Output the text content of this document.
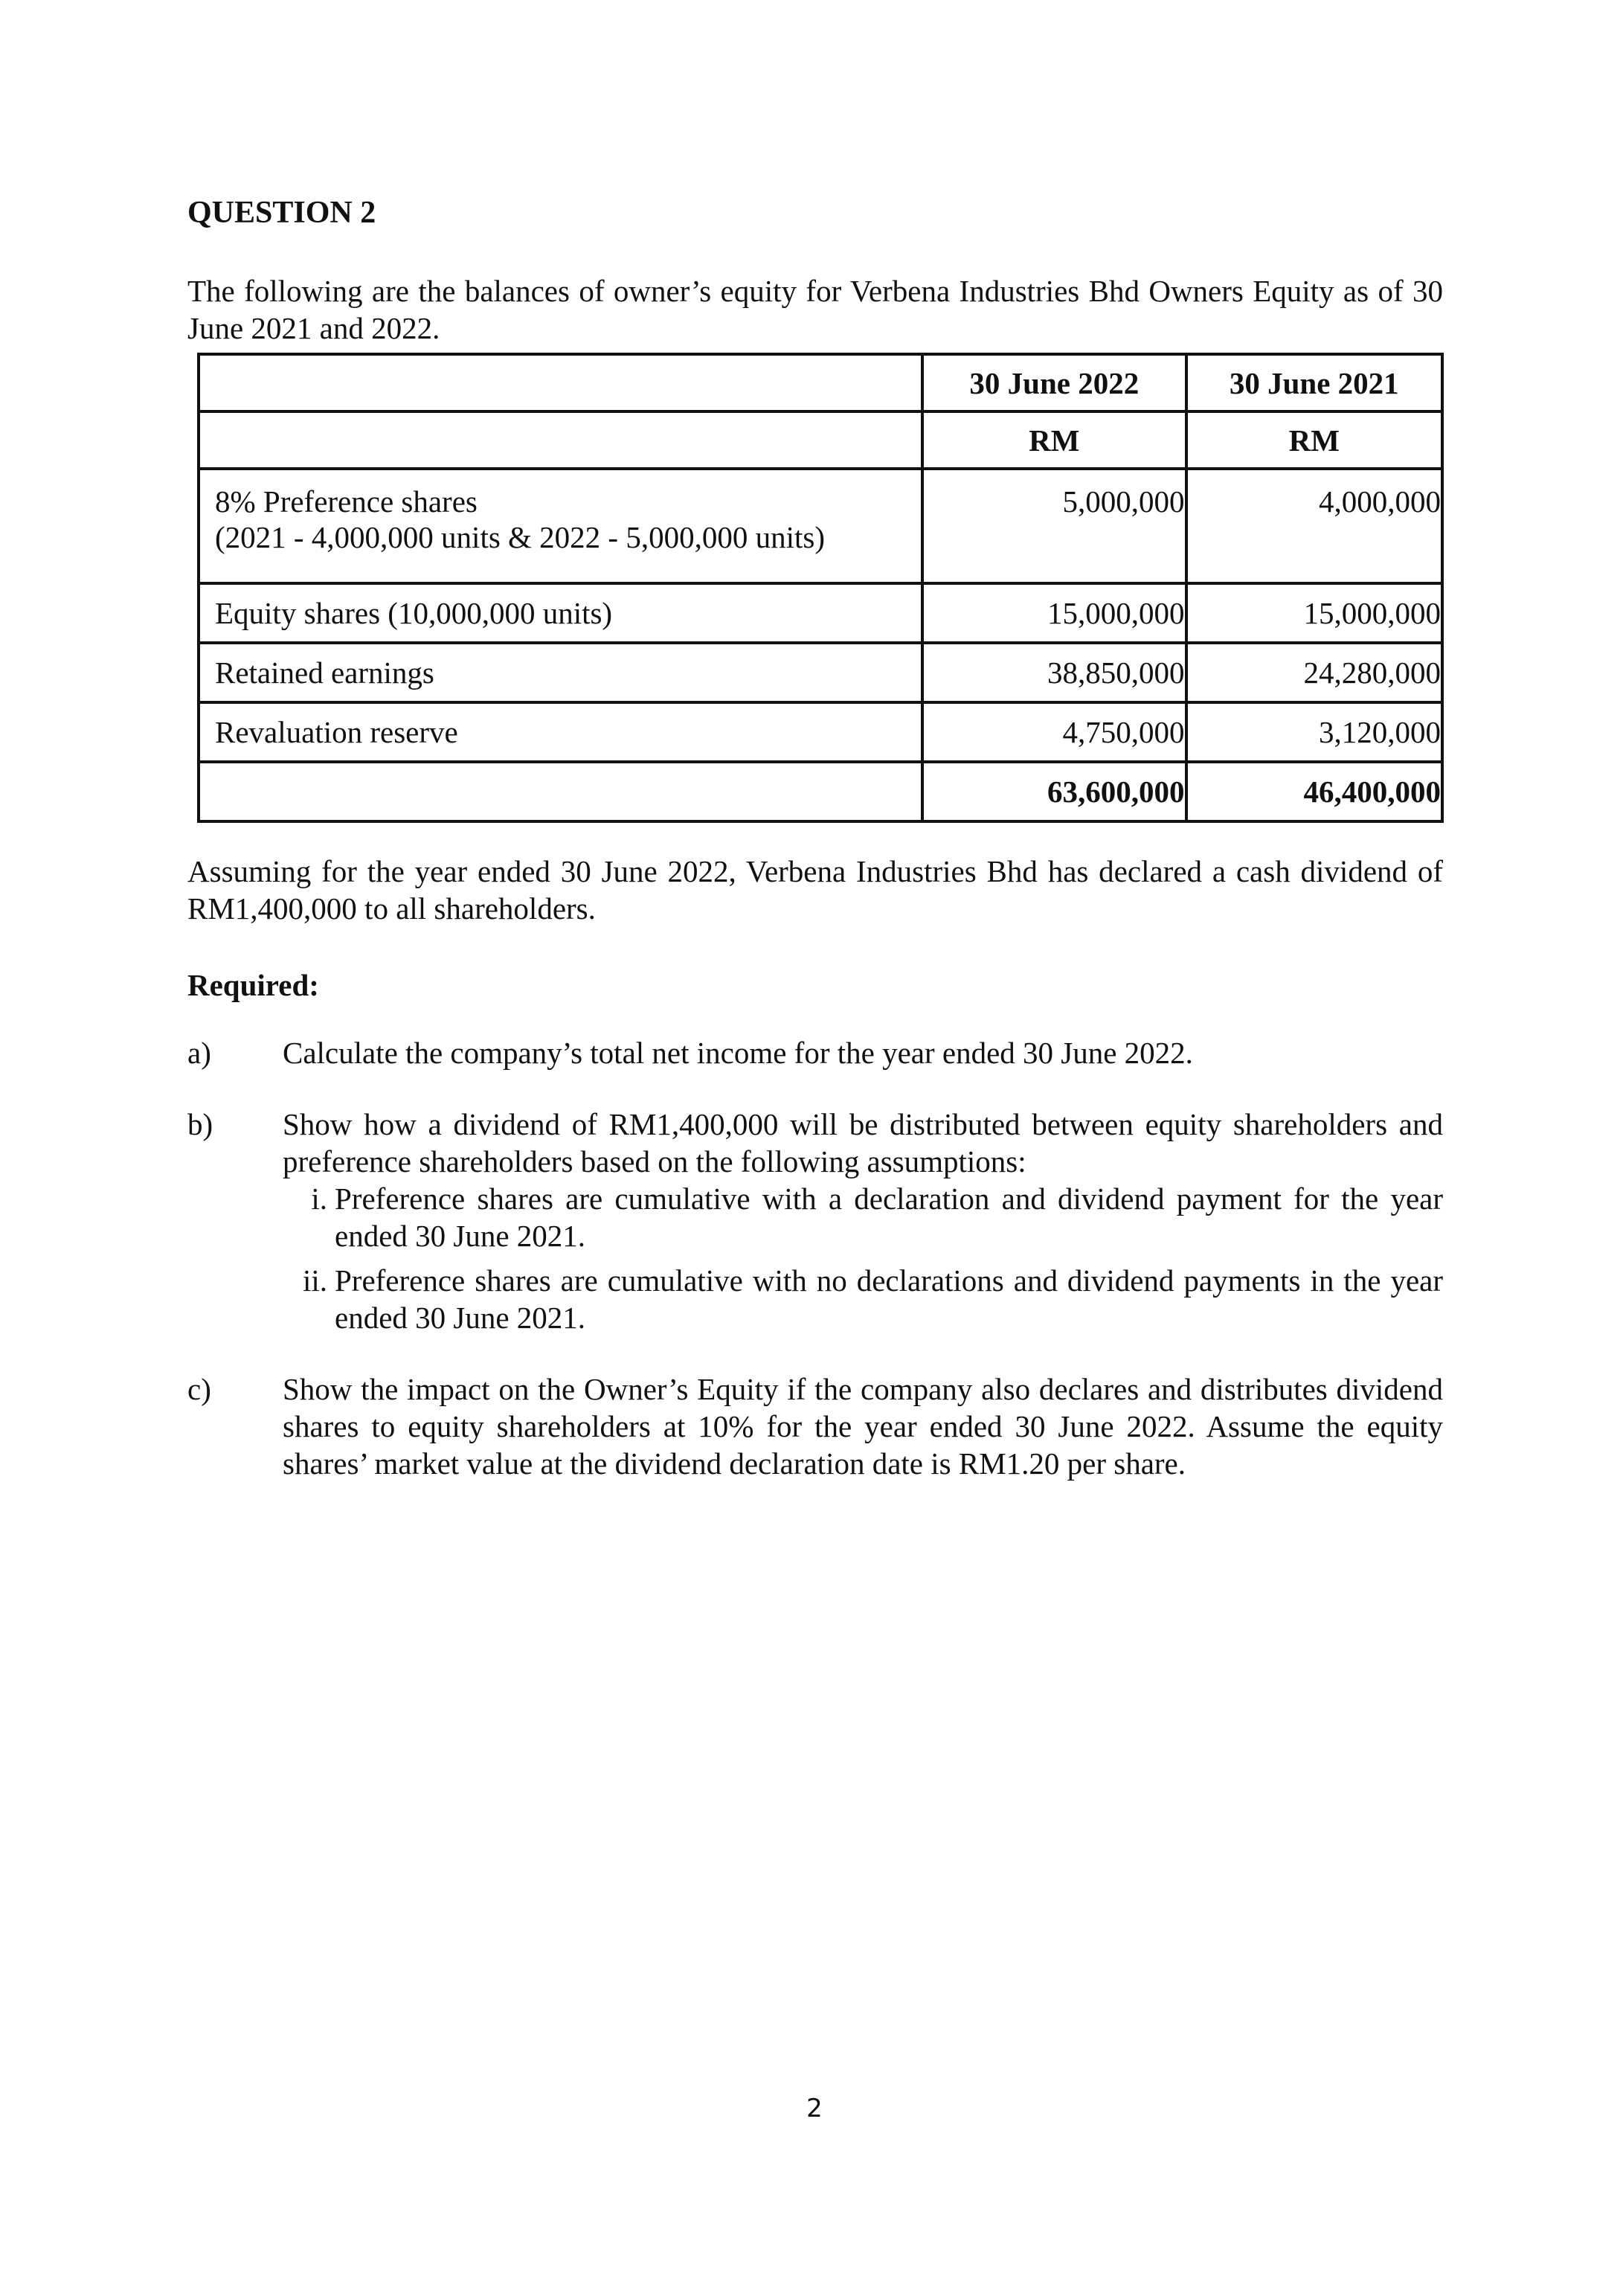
QUESTION 2

The following are the balances of owner’s equity for Verbena Industries Bhd Owners Equity as of 30 June 2021 and 2022.

	30 June 2022	30 June 2021
	RM	RM

8% Preference shares
(2021 - 4,000,000 units & 2022 - 5,000,000 units)	5,000,000	4,000,000
Equity shares (10,000,000 units)	15,000,000	15,000,000
Retained earnings	38,850,000	24,280,000
Revaluation reserve	4,750,000	3,120,000
	63,600,000	46,400,000

Assuming for the year ended 30 June 2022, Verbena Industries Bhd has declared a cash dividend of RM1,400,000 to all shareholders.

Required:

a)	Calculate the company’s total net income for the year ended 30 June 2022.
b)	Show how a dividend of RM1,400,000 will be distributed between equity shareholders and preference shareholders based on the following assumptions:
i. Preference shares are cumulative with a declaration and dividend payment for the year ended 30 June 2021.
ii. Preference shares are cumulative with no declarations and dividend payments in the year ended 30 June 2021.
c)	Show the impact on the Owner’s Equity if the company also declares and distributes dividend shares to equity shareholders at 10% for the year ended 30 June 2022. Assume the equity shares’ market value at the dividend declaration date is RM1.20 per share.
2
